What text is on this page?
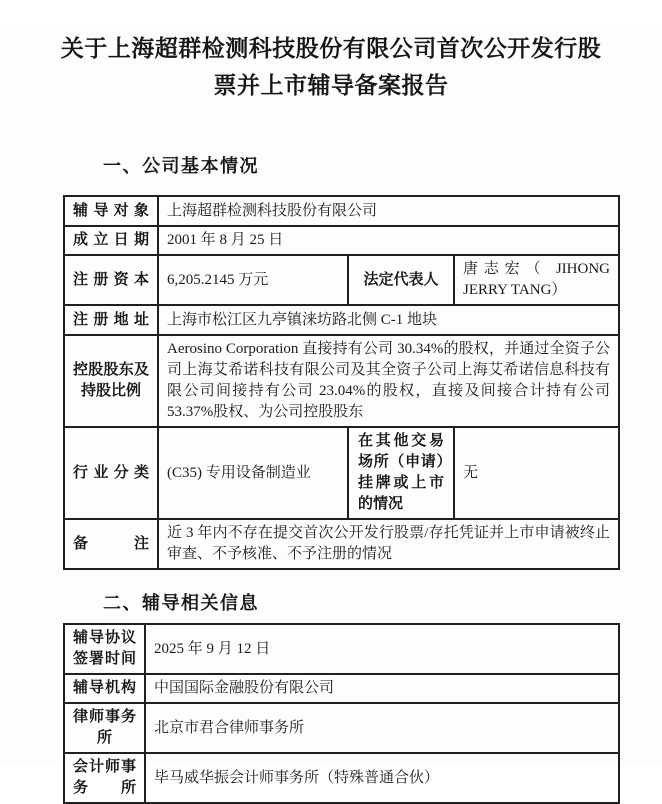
关于上海超群检测科技股份有限公司首次公开发行股
票并上市辅导备案报告
一、公司基本情况
辅导对象	上海超群检测科技股份有限公司		
成立日期	2001 年 8 月 25 日		
注册资本	6,205.2145 万元	法定代表人	唐志宏（ JIHONG JERRY TANG）
注册地址	上海市松江区九亭镇涞坊路北侧 C-1 地块		
控股股东及持股比例	Aerosino Corporation 直接持有公司 30.34%的股权，并通过全资子公司上海艾希诺科技有限公司及其全资子公司上海艾希诺信息科技有限公司间接持有公司 23.04%的股权，直接及间接合计持有公司 53.37%股权、为公司控股股东		
行业分类	(C35) 专用设备制造业	在其他交易场所（申请）挂牌或上市的情况	无
备注	近 3 年内不存在提交首次公开发行股票/存托凭证并上市申请被终止审查、不予核准、不予注册的情况		
二、辅导相关信息
辅导协议签署时间	2025 年 9 月 12 日
辅导机构	中国国际金融股份有限公司
律师事务所	北京市君合律师事务所
会计师事务所	毕马威华振会计师事务所（特殊普通合伙）
